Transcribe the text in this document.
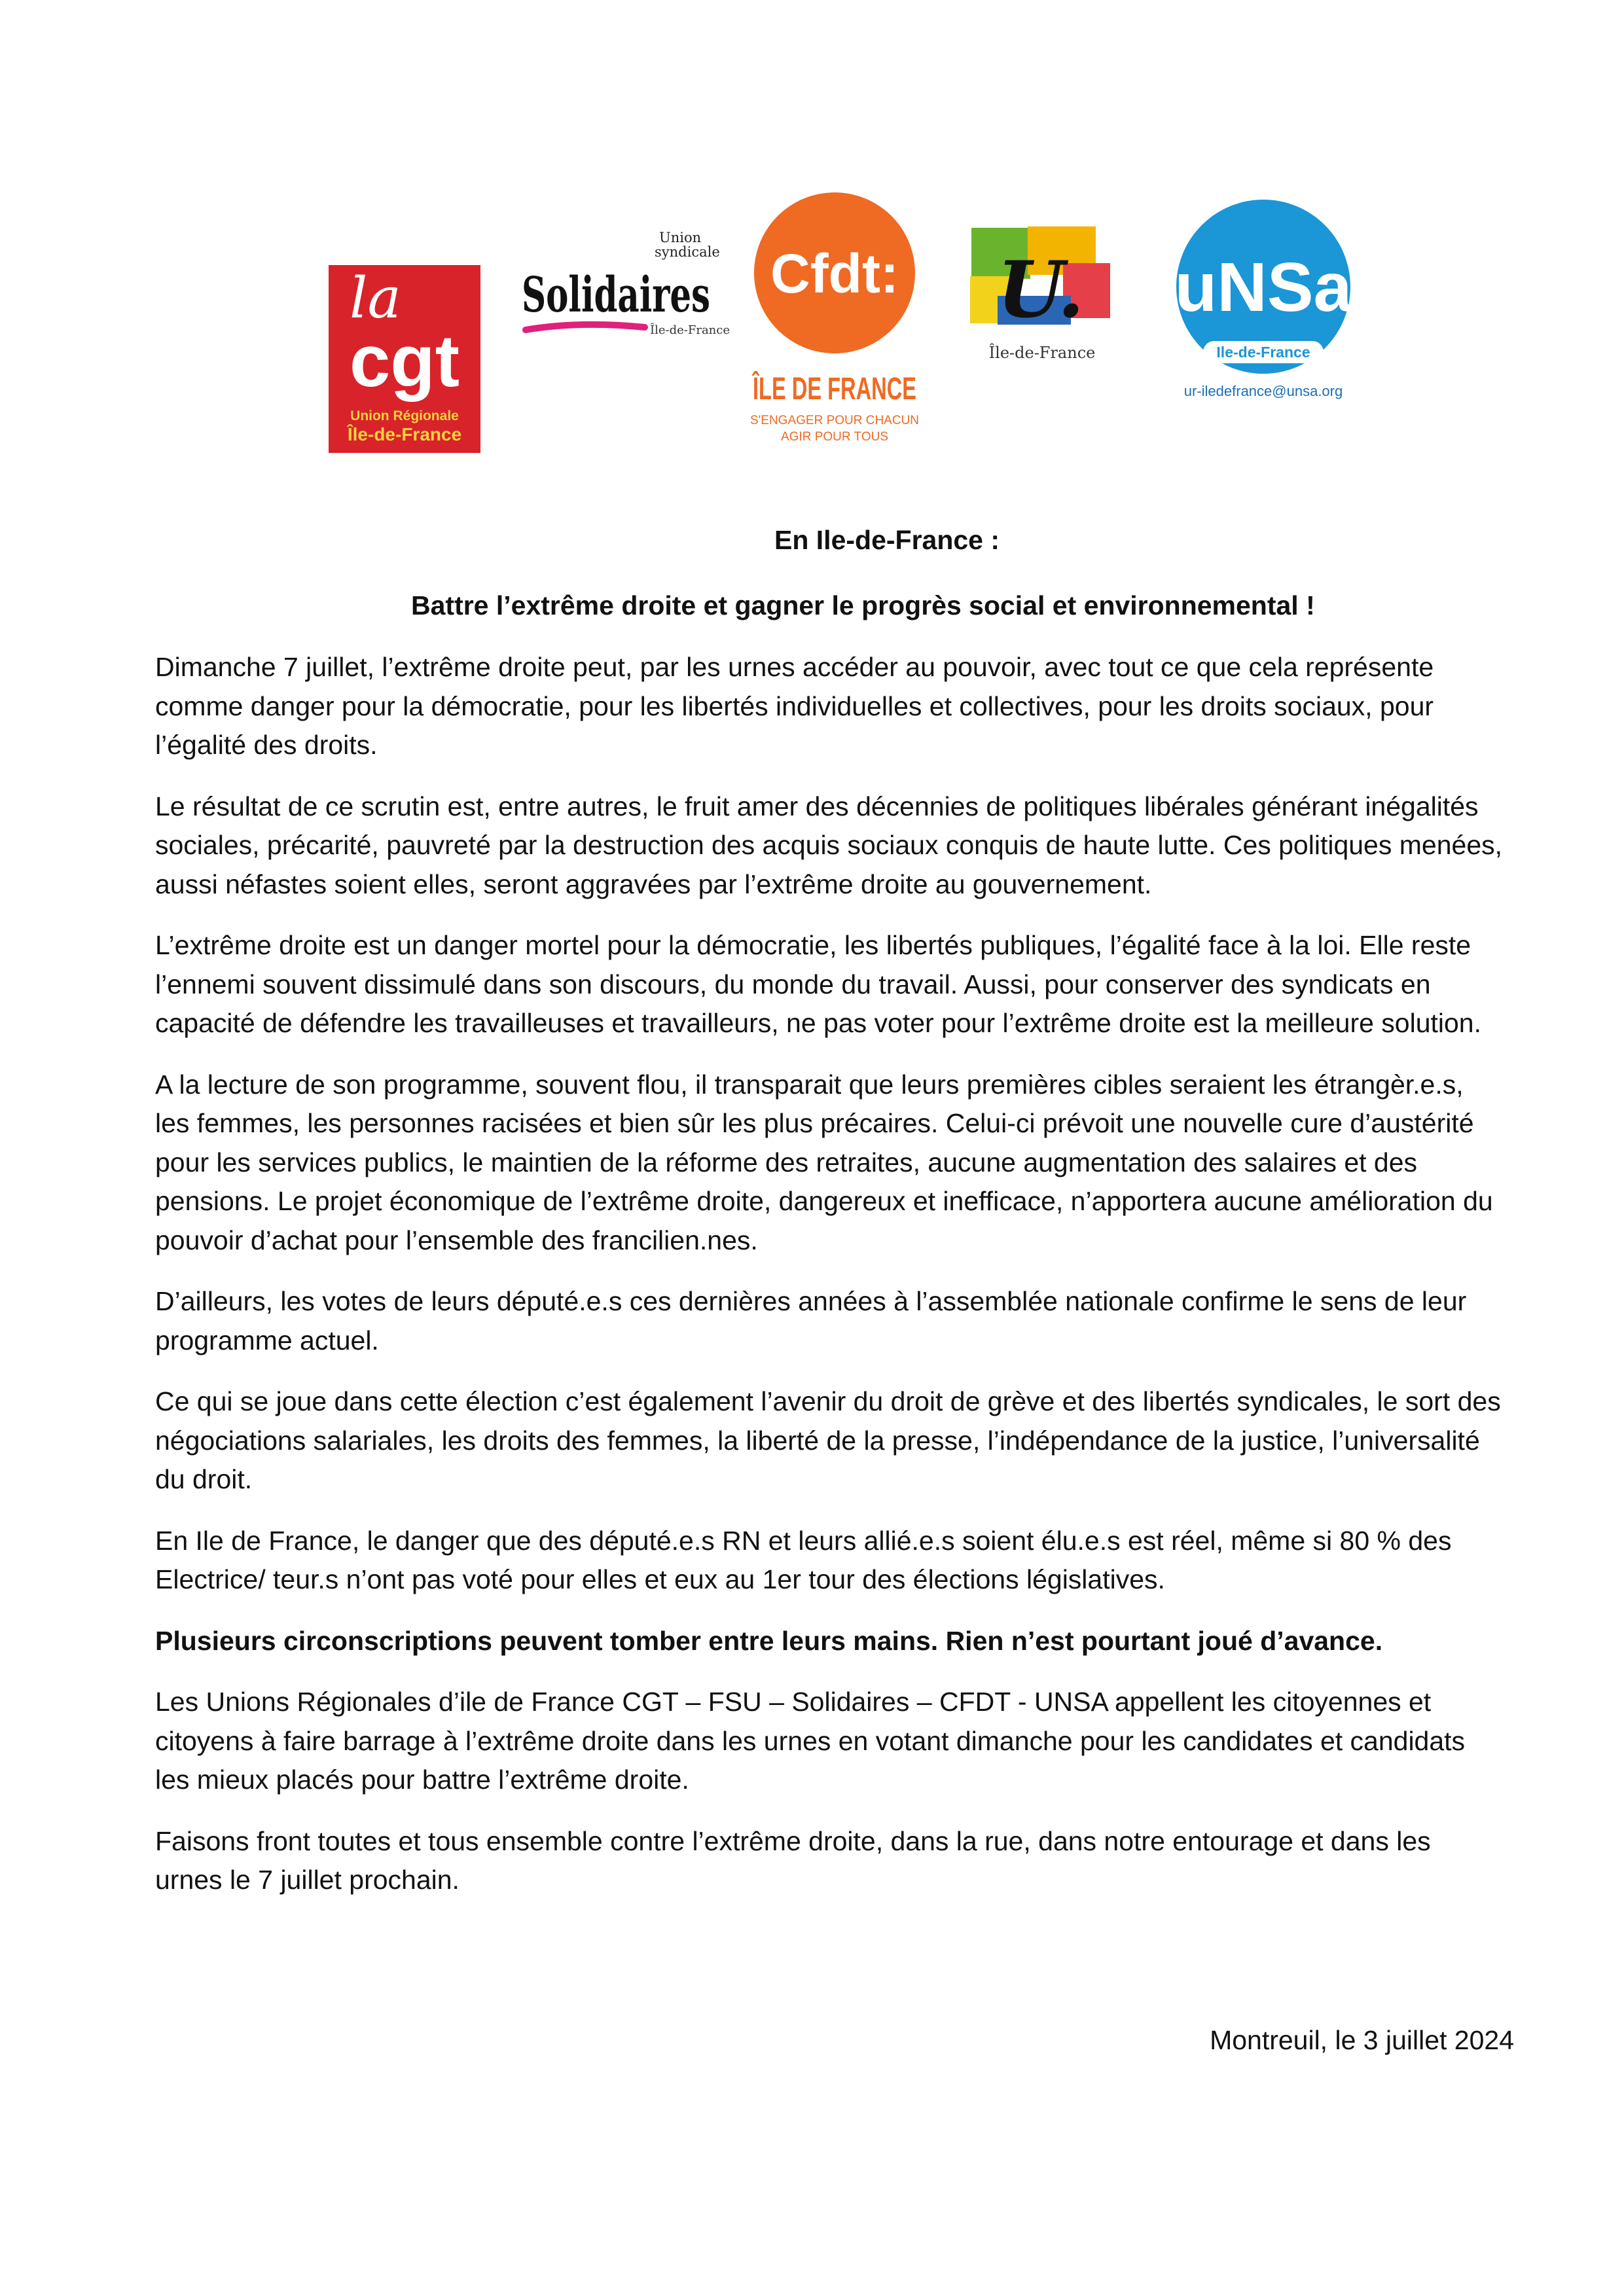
la
cgt
Union Régionale
Île-de-France
Union
syndicale
Solidaires
Île-de-France
Cfdt:
ÎLE DE FRANCE
S'ENGAGER POUR CHACUN
AGIR POUR TOUS
U.
Île-de-France
uNSa
Ile-de-France
ur-iledefrance@unsa.org
En Ile-de-France :
Battre l’extrême droite et gagner le progrès social et environnemental !

Dimanche 7 juillet, l’extrême droite peut, par les urnes accéder au pouvoir, avec tout ce que cela représente comme danger pour la démocratie, pour les libertés individuelles et collectives, pour les droits sociaux, pour l’égalité des droits.

Le résultat de ce scrutin est, entre autres, le fruit amer des décennies de politiques libérales générant inégalités sociales, précarité, pauvreté par la destruction des acquis sociaux conquis de haute lutte. Ces politiques menées, aussi néfastes soient elles, seront aggravées par l’extrême droite au gouvernement.

L’extrême droite est un danger mortel pour la démocratie, les libertés publiques, l’égalité face à la loi. Elle reste l’ennemi souvent dissimulé dans son discours, du monde du travail. Aussi, pour conserver des syndicats en capacité de défendre les travailleuses et travailleurs, ne pas voter pour l’extrême droite est la meilleure solution.

A la lecture de son programme, souvent flou, il transparait que leurs premières cibles seraient les étrangèr.e.s, les femmes, les personnes racisées et bien sûr les plus précaires. Celui-ci prévoit une nouvelle cure d’austérité pour les services publics, le maintien de la réforme des retraites, aucune augmentation des salaires et des pensions. Le projet économique de l’extrême droite, dangereux et inefficace, n’apportera aucune amélioration du pouvoir d’achat pour l’ensemble des francilien.nes.

D’ailleurs, les votes de leurs député.e.s ces dernières années à l’assemblée nationale confirme le sens de leur programme actuel.

Ce qui se joue dans cette élection c’est également l’avenir du droit de grève et des libertés syndicales, le sort des négociations salariales, les droits des femmes, la liberté de la presse, l’indépendance de la justice, l’universalité du droit.

En Ile de France, le danger que des député.e.s RN et leurs allié.e.s soient élu.e.s est réel, même si 80 % des Electrice/ teur.s n’ont pas voté pour elles et eux au 1er tour des élections législatives.

Plusieurs circonscriptions peuvent tomber entre leurs mains. Rien n’est pourtant joué d’avance.

Les Unions Régionales d’ile de France CGT – FSU – Solidaires – CFDT - UNSA appellent les citoyennes et citoyens à faire barrage à l’extrême droite dans les urnes en votant dimanche pour les candidates et candidats les mieux placés pour battre l’extrême droite.

Faisons front toutes et tous ensemble contre l’extrême droite, dans la rue, dans notre entourage et dans les urnes le 7 juillet prochain.

Montreuil, le 3 juillet 2024
